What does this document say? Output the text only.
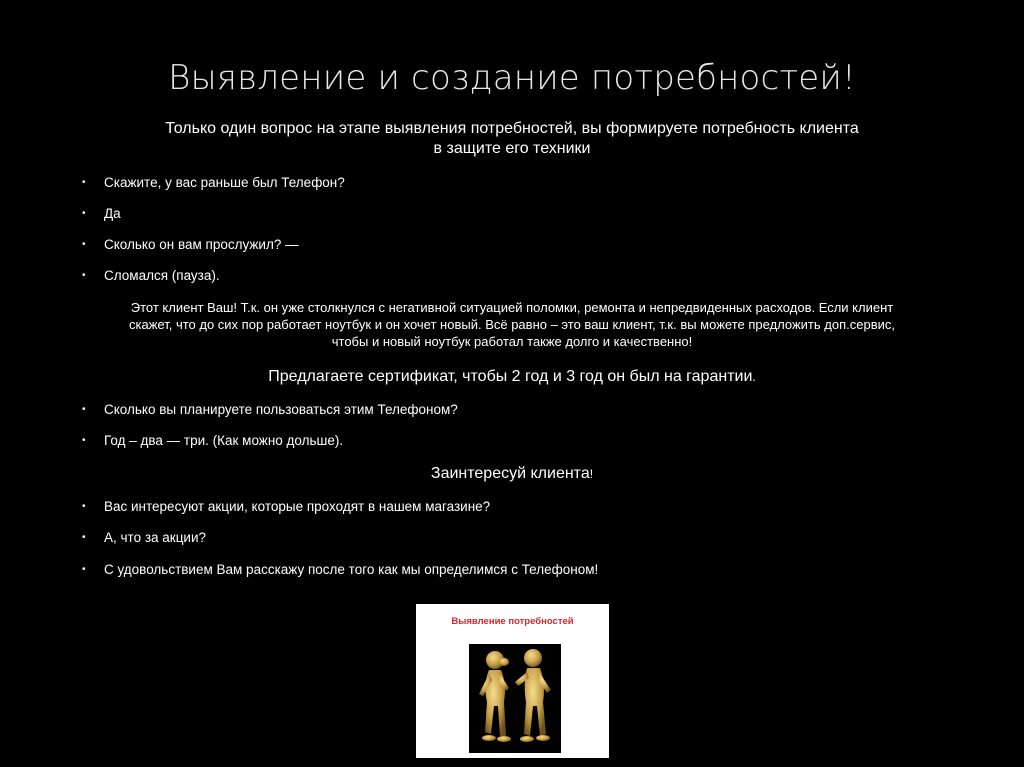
Выявление и создание потребностей!
Только один вопрос на этапе выявления потребностей, вы формируете потребность клиента
в защите его техники
• Скажите, у вас раньше был Телефон?
• Да
• Сколько он вам прослужил? —
• Сломался (пауза).
Этот клиент Ваш! Т.к. он уже столкнулся с негативной ситуацией поломки, ремонта и непредвиденных расходов. Если клиент
скажет, что до сих пор работает ноутбук и он хочет новый. Всё равно – это ваш клиент, т.к. вы можете предложить доп.сервис,
чтобы и новый ноутбук работал также долго и качественно!
Предлагаете сертификат, чтобы 2 год и 3 год он был на гарантии.
• Сколько вы планируете пользоваться этим Телефоном?
• Год – два — три. (Как можно дольше).
Заинтересуй клиента!
• Вас интересуют акции, которые проходят в нашем магазине?
• А, что за акции?
• С удовольствием Вам расскажу после того как мы определимся с Телефоном!
Выявление потребностей
